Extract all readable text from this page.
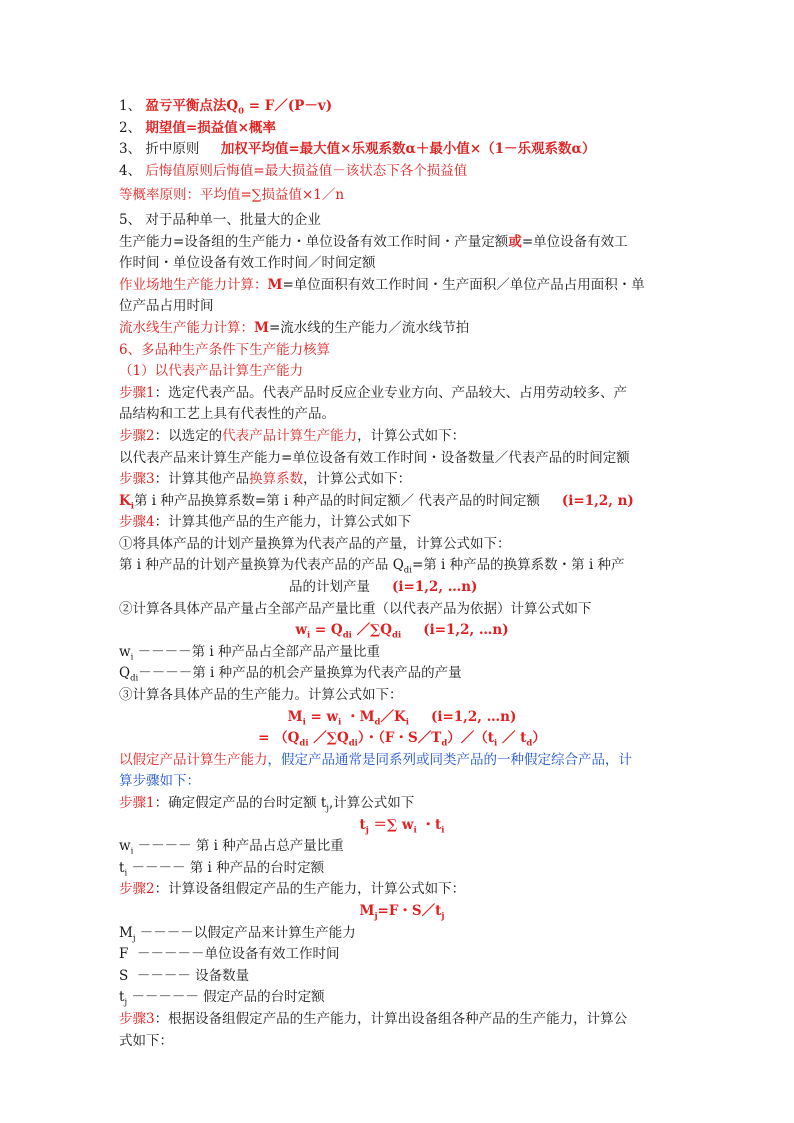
1、 盈亏平衡点法$Q_0$ = F／(P－v)
2、 期望值=损益值×概率
3、 折中原则     加权平均值=最大值×乐观系数α＋最小值×（1－乐观系数α）
4、 后悔值原则后悔值=最大损益值－该状态下各个损益值
等概率原则：平均值=∑损益值×1／n
5、 对于品种单一、批量大的企业
生产能力=设备组的生产能力・单位设备有效工作时间・产量定额或=单位设备有效工
作时间・单位设备有效工作时间／时间定额
作业场地生产能力计算：M=单位面积有效工作时间・生产面积／单位产品占用面积・单
位产品占用时间
流水线生产能力计算：M=流水线的生产能力／流水线节拍
6、多品种生产条件下生产能力核算
（1）以代表产品计算生产能力
步骤1：选定代表产品。代表产品时反应企业专业方向、产品较大、占用劳动较多、产
品结构和工艺上具有代表性的产品。
步骤2：以选定的代表产品计算生产能力，计算公式如下：
以代表产品来计算生产能力=单位设备有效工作时间・设备数量／代表产品的时间定额
步骤3：计算其他产品换算系数，计算公式如下：
$K_i$第 i 种产品换算系数=第 i 种产品的时间定额／ 代表产品的时间定额 (i=1,2, n)
步骤4：计算其他产品的生产能力，计算公式如下
①将具体产品的计划产量换算为代表产品的产量，计算公式如下：
第 i 种产品的计划产量换算为代表产品的产品 $Q_{di}=$第 i 种产品的换算系数・第 i 种产
品的计划产量 (i=1,2, …n)
②计算各具体产品产量占全部产品产量比重（以代表产品为依据）计算公式如下
$w_i = Q_{di}$ $/\sum Q_{di}$ (i=1,2, …n)
$w_i$ －－－－第 i 种产品占全部产品产量比重
$Q_{di}----$第 i 种产品的机会产量换算为代表产品的产量
③计算各具体产品的生产能力。计算公式如下：
$M_i = w_i$ ・$M_d/K_i$ (i=1,2, …n)
= （$Q_{di}$ $/\sum Q_{di}$）・（F・$S/T_d)/(t_i$ ／ $t_d$）
以假定产品计算生产能力，假定产品通常是同系列或同类产品的一种假定综合产品，计
算步骤如下：
步骤1：确定假定产品的台时定额 $t_j$,计算公式如下
$t_j$ ＝∑ $w_i$ ・$t_i$
$w_i$ －－－－ 第 i 种产品占总产量比重
$t_i$ －－－－ 第 i 种产品的台时定额
步骤2：计算设备组假定产品的生产能力，计算公式如下：
$M_j=F$・$S/t_j$
$M_j$ －－－－以假定产品来计算生产能力
F  －－－－－单位设备有效工作时间
S  －－－－ 设备数量
$t_j$ －－－－－ 假定产品的台时定额
步骤3：根据设备组假定产品的生产能力，计算出设备组各种产品的生产能力，计算公
式如下：
